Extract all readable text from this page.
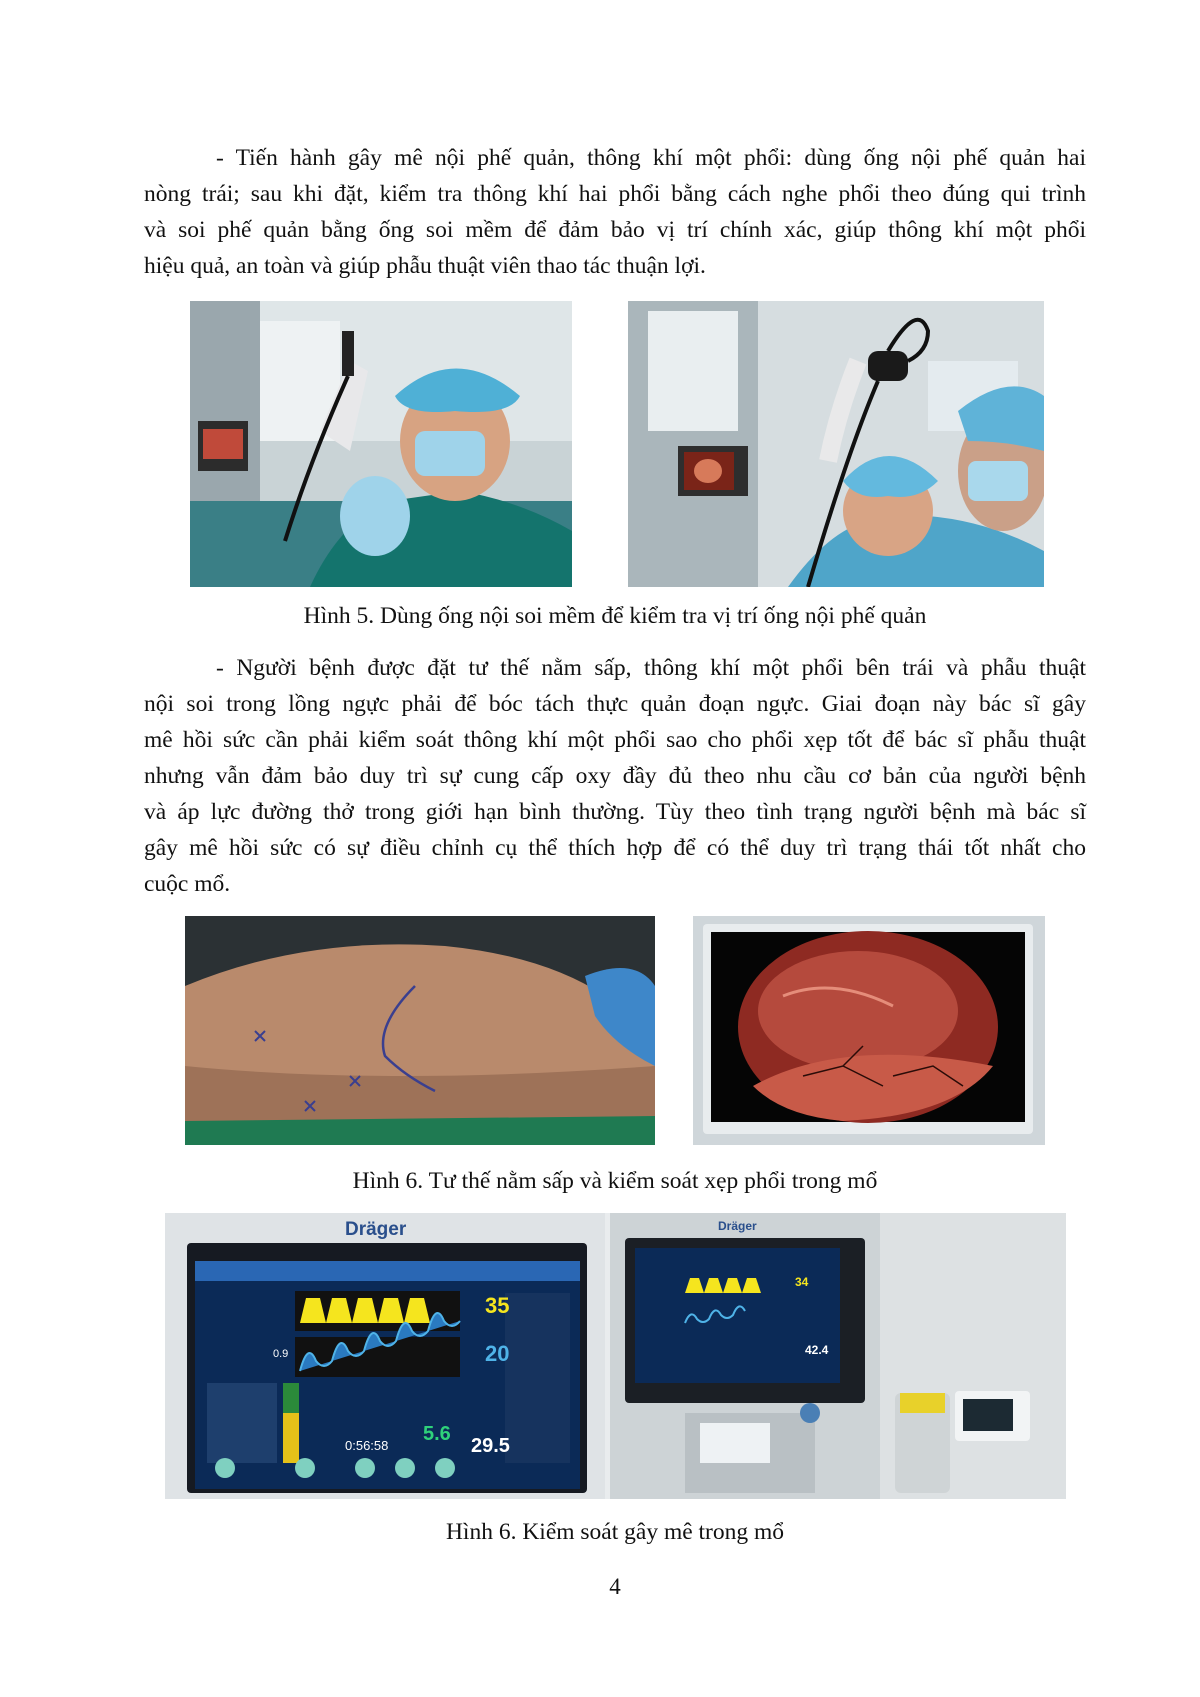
- Tiến hành gây mê nội phế quản, thông khí một phổi: dùng ống nội phế quản hai
nòng trái; sau khi đặt, kiểm tra thông khí hai phổi bằng cách nghe phổi theo đúng qui trình
và soi phế quản bằng ống soi mềm để đảm bảo vị trí chính xác, giúp thông khí một phổi
hiệu quả, an toàn và giúp phẫu thuật viên thao tác thuận lợi.
Hình 5. Dùng ống nội soi mềm để kiểm tra vị trí ống nội phế quản
- Người bệnh được đặt tư thế nằm sấp, thông khí một phổi bên trái và phẫu thuật
nội soi trong lồng ngực phải để bóc tách thực quản đoạn ngực. Giai đoạn này bác sĩ gây
mê hồi sức cần phải kiểm soát thông khí một phổi sao cho phổi xẹp tốt để bác sĩ phẫu thuật
nhưng vẫn đảm bảo duy trì sự cung cấp oxy đầy đủ theo nhu cầu cơ bản của người bệnh
và áp lực đường thở trong giới hạn bình thường. Tùy theo tình trạng người bệnh mà bác sĩ
gây mê hồi sức có sự điều chỉnh cụ thể thích hợp để có thể duy trì trạng thái tốt nhất cho
cuộc mổ.
Hình 6. Tư thế nằm sấp và kiểm soát xẹp phổi trong mổ
Dräger	Dräger
35
20
0:56:58
5.6
29.5
0.9
34
42.4
Hình 6. Kiểm soát gây mê trong mổ
4
